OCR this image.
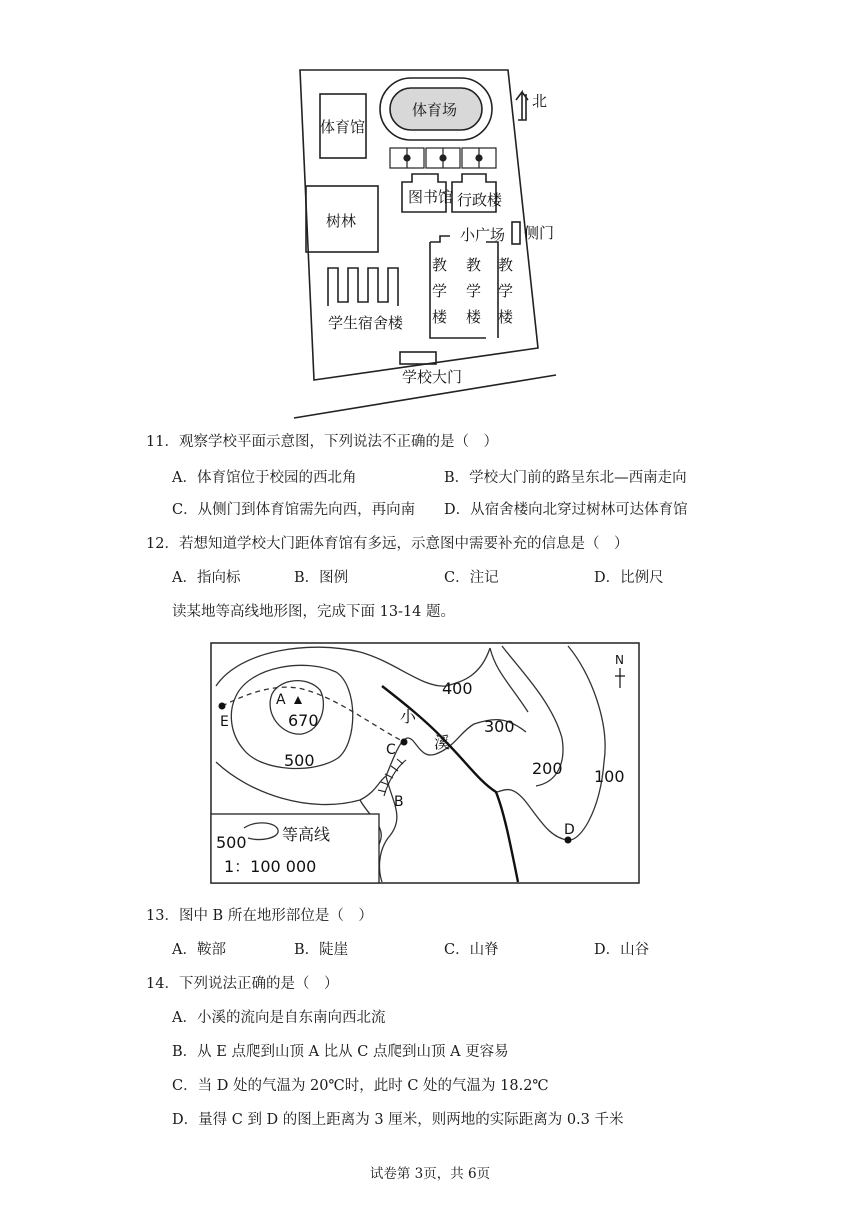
体育场
体育馆
图书馆 行政楼
树林
小广场 侧门
北
学生宿舍楼
学校大门
教
学
楼
教
学
楼
教
学
楼
11．观察学校平面示意图，下列说法不正确的是（　）
A．体育馆位于校园的西北角	B．学校大门前的路呈东北—西南走向
C．从侧门到体育馆需先向西，再向南 D．从宿舍楼向北穿过树林可达体育馆
12．若想知道学校大门距体育馆有多远，示意图中需要补充的信息是（　）
A．指向标	B．图例	C．注记	D．比例尺
读某地等高线地形图，完成下面 13-14 题。
A
670
500
400
300
200 100
E
C
B
D
小
溪
N
500 等高线
1：100 000
13．图中 B 所在地形部位是（　）
A．鞍部	B．陡崖	C．山脊	D．山谷
14．下列说法正确的是（　）
A．小溪的流向是自东南向西北流
B．从 E 点爬到山顶 A 比从 C 点爬到山顶 A 更容易
C．当 D 处的气温为 20℃时，此时 C 处的气温为 18.2℃
D．量得 C 到 D 的图上距离为 3 厘米，则两地的实际距离为 0.3 千米
试卷第 3页，共 6页
